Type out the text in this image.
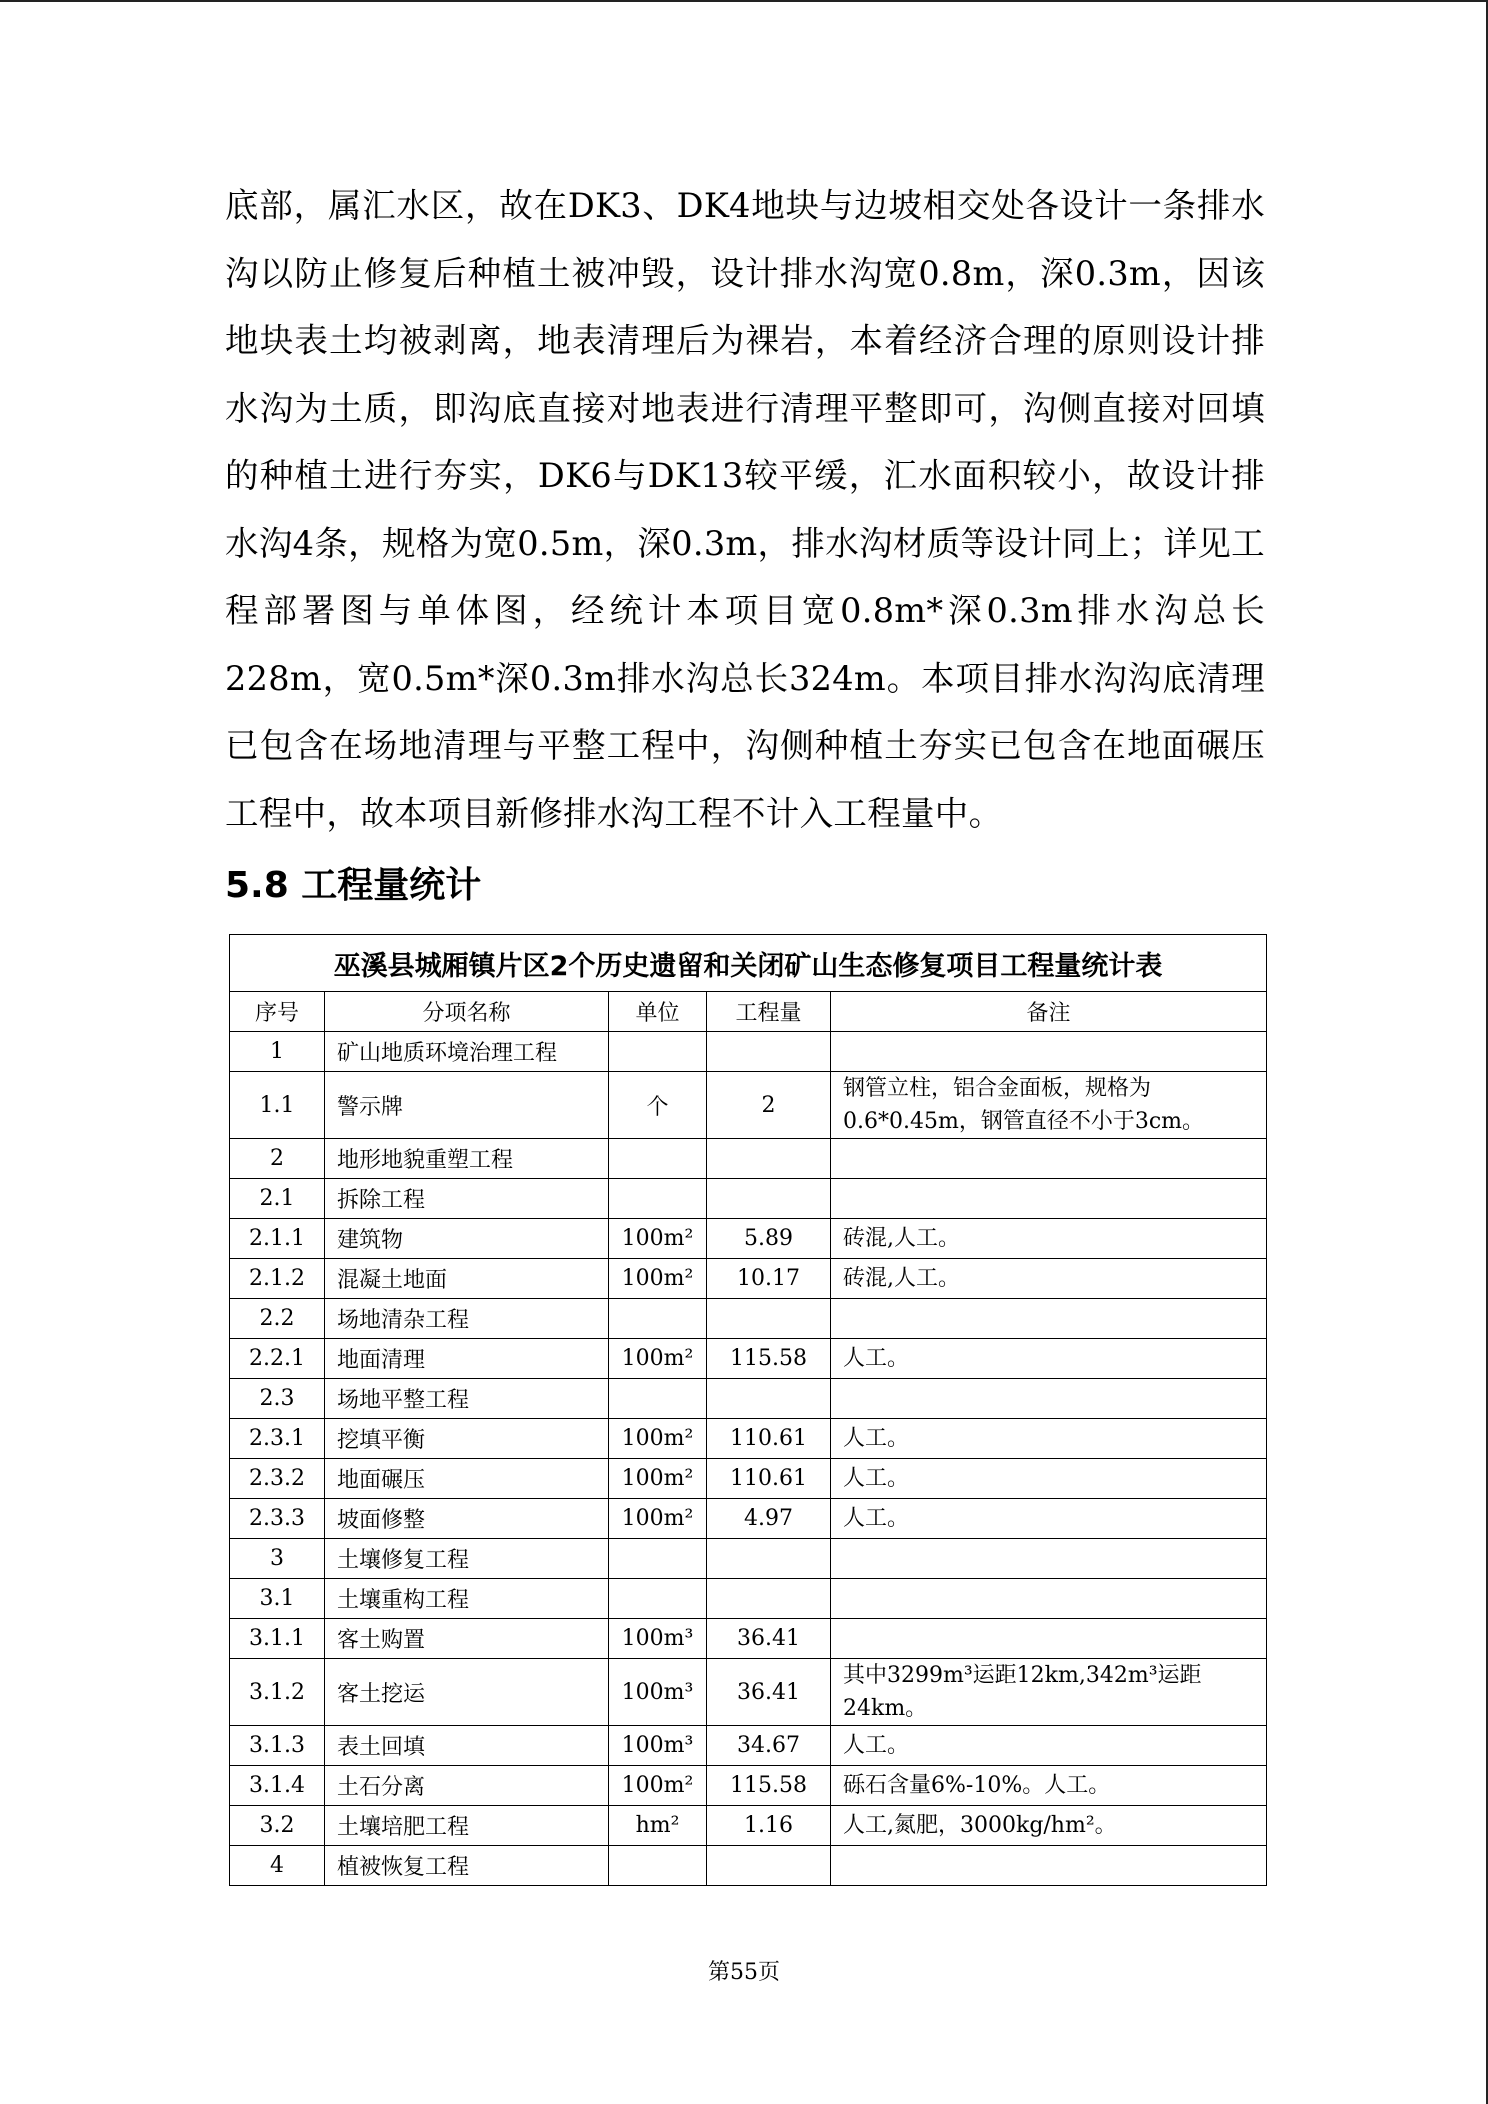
底部，属汇水区，故在DK3、DK4地块与边坡相交处各设计一条排水沟以防止修复后种植土被冲毁，设计排水沟宽0.8m，深0.3m，因该地块表土均被剥离，地表清理后为裸岩，本着经济合理的原则设计排水沟为土质，即沟底直接对地表进行清理平整即可，沟侧直接对回填的种植土进行夯实，DK6与DK13较平缓，汇水面积较小，故设计排水沟4条，规格为宽0.5m，深0.3m，排水沟材质等设计同上；详见工程部署图与单体图，经统计本项目宽0.8m*深0.3m排水沟总长228m，宽0.5m*深0.3m排水沟总长324m。本项目排水沟沟底清理已包含在场地清理与平整工程中，沟侧种植土夯实已包含在地面碾压工程中，故本项目新修排水沟工程不计入工程量中。

5.8 工程量统计
巫溪县城厢镇片区2个历史遗留和关闭矿山生态修复项目工程量统计表				
序号	分项名称	单位	工程量	备注
1	矿山地质环境治理工程			
1.1	警示牌	个	2	钢管立柱，铝合金面板，规格为0.6*0.45m，钢管直径不小于3cm。
2	地形地貌重塑工程			
2.1	拆除工程			
2.1.1	建筑物	100m²	5.89	砖混,人工。
2.1.2	混凝土地面	100m²	10.17	砖混,人工。
2.2	场地清杂工程			
2.2.1	地面清理	100m²	115.58	人工。
2.3	场地平整工程			
2.3.1	挖填平衡	100m²	110.61	人工。
2.3.2	地面碾压	100m²	110.61	人工。
2.3.3	坡面修整	100m²	4.97	人工。
3	土壤修复工程			
3.1	土壤重构工程			
3.1.1	客土购置	100m³	36.41	
3.1.2	客土挖运	100m³	36.41	其中3299m³运距12km,342m³运距24km。
3.1.3	表土回填	100m³	34.67	人工。
3.1.4	土石分离	100m²	115.58	砾石含量6%-10%。人工。
3.2	土壤培肥工程	hm²	1.16	人工,氮肥，3000kg/hm²。
4	植被恢复工程			
第55页
